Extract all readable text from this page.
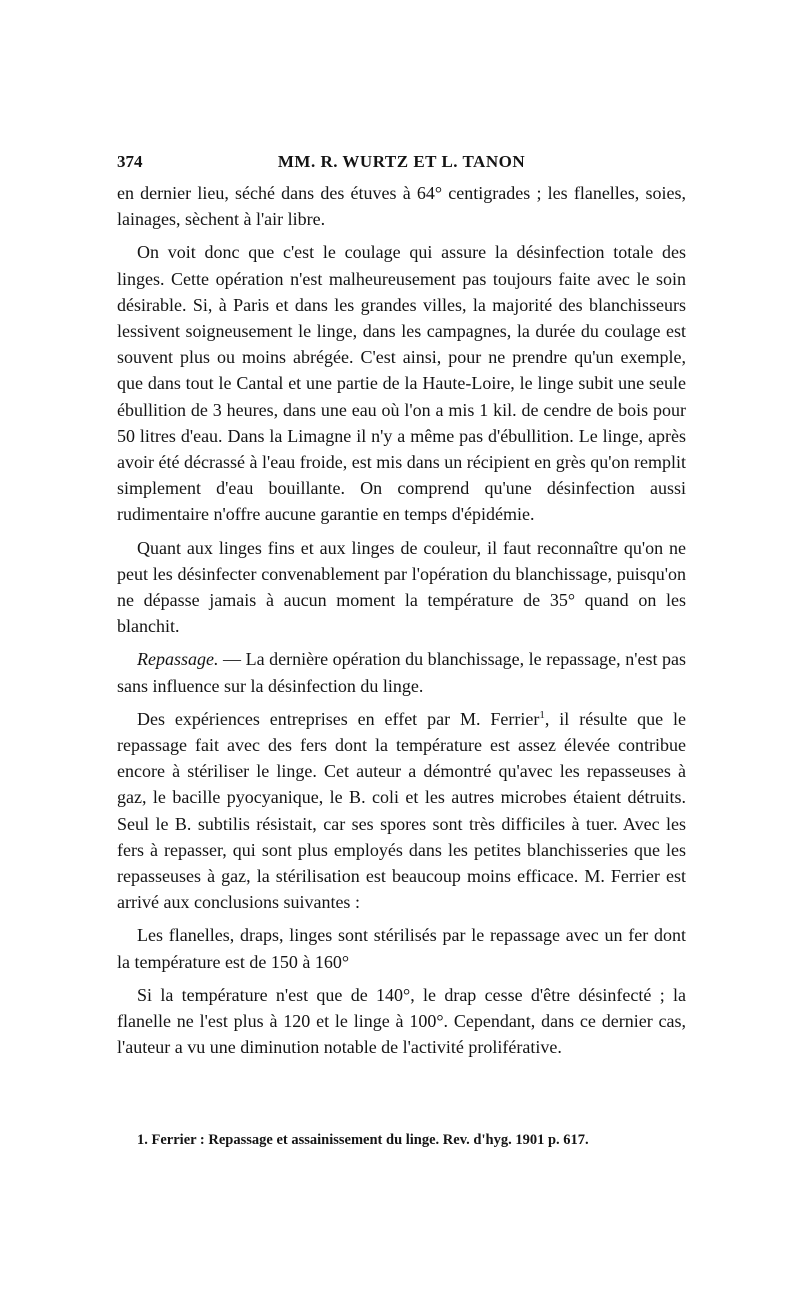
374	MM. R. WURTZ ET L. TANON

en dernier lieu, séché dans des étuves à 64° centigrades ; les flanelles, soies, lainages, sèchent à l'air libre.

On voit donc que c'est le coulage qui assure la désinfection totale des linges. Cette opération n'est malheureusement pas toujours faite avec le soin désirable. Si, à Paris et dans les grandes villes, la majorité des blanchisseurs lessivent soigneusement le linge, dans les campagnes, la durée du coulage est souvent plus ou moins abrégée. C'est ainsi, pour ne prendre qu'un exemple, que dans tout le Cantal et une partie de la Haute-Loire, le linge subit une seule ébullition de 3 heures, dans une eau où l'on a mis 1 kil. de cendre de bois pour 50 litres d'eau. Dans la Limagne il n'y a même pas d'ébullition. Le linge, après avoir été décrassé à l'eau froide, est mis dans un récipient en grès qu'on remplit simplement d'eau bouillante. On comprend qu'une désinfection aussi rudimentaire n'offre aucune garantie en temps d'épidémie.

Quant aux linges fins et aux linges de couleur, il faut reconnaître qu'on ne peut les désinfecter convenablement par l'opération du blanchissage, puisqu'on ne dépasse jamais à aucun moment la température de 35° quand on les blanchit.

Repassage. — La dernière opération du blanchissage, le repassage, n'est pas sans influence sur la désinfection du linge.

Des expériences entreprises en effet par M. Ferrier$^1$, il résulte que le repassage fait avec des fers dont la température est assez élevée contribue encore à stériliser le linge. Cet auteur a démontré qu'avec les repasseuses à gaz, le bacille pyocyanique, le B. coli et les autres microbes étaient détruits. Seul le B. subtilis résistait, car ses spores sont très difficiles à tuer. Avec les fers à repasser, qui sont plus employés dans les petites blanchisseries que les repasseuses à gaz, la stérilisation est beaucoup moins efficace. M. Ferrier est arrivé aux conclusions suivantes :

Les flanelles, draps, linges sont stérilisés par le repassage avec un fer dont la température est de 150 à 160°

Si la température n'est que de 140°, le drap cesse d'être désinfecté ; la flanelle ne l'est plus à 120 et le linge à 100°. Cependant, dans ce dernier cas, l'auteur a vu une diminution notable de l'activité proliférative.

1. Ferrier : Repassage et assainissement du linge. Rev. d'hyg. 1901 p. 617.
